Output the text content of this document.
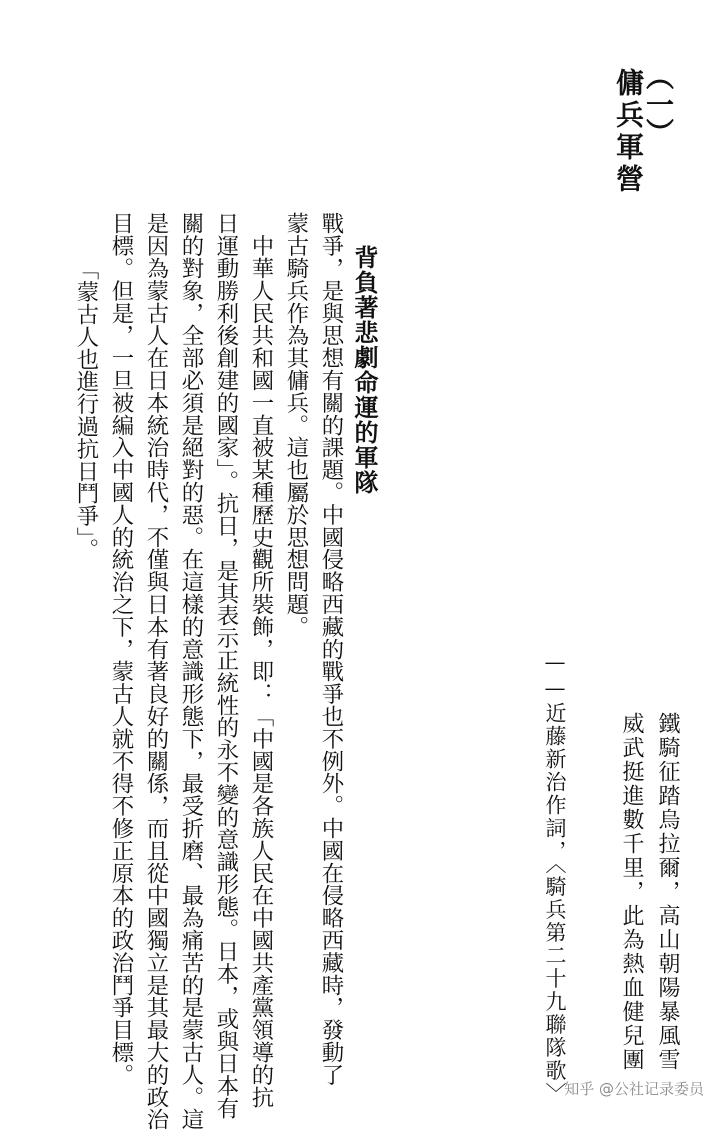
（一）
傭兵軍營
鐵騎征踏烏拉爾，高山朝陽暴風雪
威武挺進數千里，此為熱血健兒團
——近藤新治作詞，〈騎兵第二十九聯隊歌〉
背負著悲劇命運的軍隊
戰爭，是與思想有關的課題。中國侵略西藏的戰爭也不例外。中國在侵略西藏時，發動了
蒙古騎兵作為其傭兵。這也屬於思想問題。
　中華人民共和國一直被某種歷史觀所裝飾，即：「中國是各族人民在中國共產黨領導的抗
日運動勝利後創建的國家」。抗日，是其表示正統性的永不變的意識形態。日本，或與日本有
關的對象，全部必須是絕對的惡。在這樣的意識形態下，最受折磨、最為痛苦的是蒙古人。這
是因為蒙古人在日本統治時代，不僅與日本有著良好的關係，而且從中國獨立是其最大的政治
目標。但是，一旦被編入中國人的統治之下，蒙古人就不得不修正原本的政治鬥爭目標。
「蒙古人也進行過抗日鬥爭」。
知乎 @公社记录委员
